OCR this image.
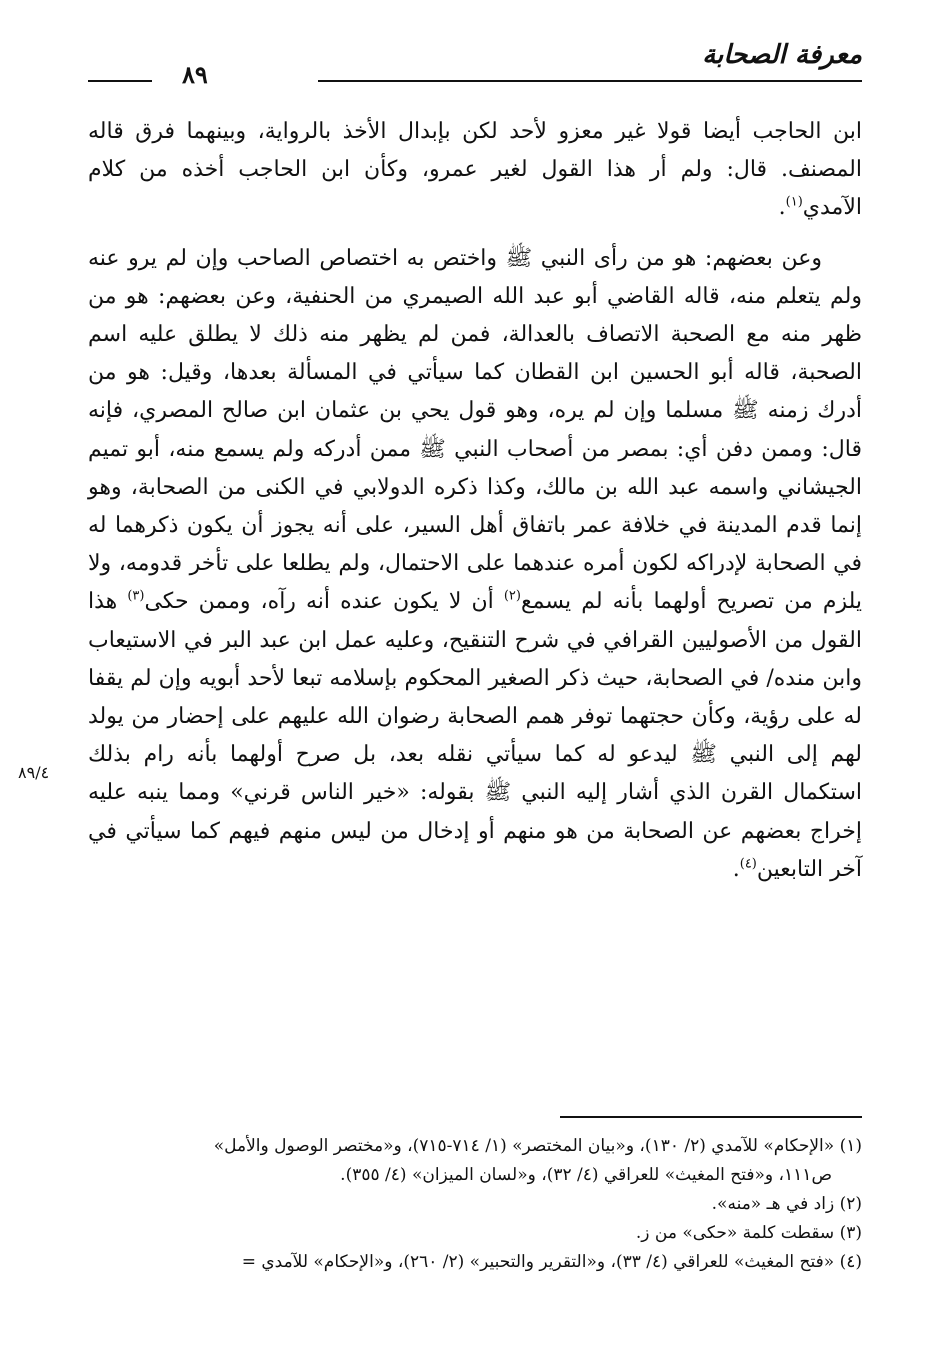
معرفة الصحابة
٨٩

ابن الحاجب أيضا قولا غير معزو لأحد لكن بإبدال الأخذ بالرواية، وبينهما فرق قاله المصنف. قال: ولم أر هذا القول لغير عمرو، وكأن ابن الحاجب أخذه من كلام الآمدي$^{(١)}$.

وعن بعضهم: هو من رأى النبي ﷺ واختص به اختصاص الصاحب وإن لم يرو عنه ولم يتعلم منه، قاله القاضي أبو عبد الله الصيمري من الحنفية، وعن بعضهم: هو من ظهر منه مع الصحبة الاتصاف بالعدالة، فمن لم يظهر منه ذلك لا يطلق عليه اسم الصحبة، قاله أبو الحسين ابن القطان كما سيأتي في المسألة بعدها، وقيل: هو من أدرك زمنه ﷺ مسلما وإن لم يره، وهو قول يحي بن عثمان ابن صالح المصري، فإنه قال: وممن دفن أي: بمصر من أصحاب النبي ﷺ ممن أدركه ولم يسمع منه، أبو تميم الجيشاني واسمه عبد الله بن مالك، وكذا ذكره الدولابي في الكنى من الصحابة، وهو إنما قدم المدينة في خلافة عمر باتفاق أهل السير، على أنه يجوز أن يكون ذكرهما له في الصحابة لإدراكه لكون أمره عندهما على الاحتمال، ولم يطلعا على تأخر قدومه، ولا يلزم من تصريح أولهما بأنه لم يسمع$^{(٢)}$ أن لا يكون عنده أنه رآه، وممن حكى$^{(٣)}$ هذا القول من الأصوليين القرافي في شرح التنقيح، وعليه عمل ابن عبد البر في الاستيعاب وابن منده/ في الصحابة، حيث ذكر الصغير المحكوم بإسلامه تبعا لأحد أبويه وإن لم يقفا له على رؤية، وكأن حجتهما توفر همم الصحابة رضوان الله عليهم على إحضار من يولد لهم إلى النبي ﷺ ليدعو له كما سيأتي نقله بعد، بل صرح أولهما بأنه رام بذلك استكمال القرن الذي أشار إليه النبي ﷺ بقوله: «خير الناس قرني» ومما ينبه عليه إخراج بعضهم عن الصحابة من هو منهم أو إدخال من ليس منهم فيهم كما سيأتي في آخر التابعين$^{(٤)}$.

٨٩/٤

(١) «الإحكام» للآمدي (٢/ ١٣٠)، و«بيان المختصر» (١/ ٧١٤-٧١٥)، و«مختصر الوصول والأمل»

ص١١١، و«فتح المغيث» للعراقي (٤/ ٣٢)، و«لسان الميزان» (٤/ ٣٥٥).

(٢) زاد في هـ «منه».

(٣) سقطت كلمة «حكى» من ز.

(٤) «فتح المغيث» للعراقي (٤/ ٣٣)، و«التقرير والتحبير» (٢/ ٢٦٠)، و«الإحكام» للآمدي =
